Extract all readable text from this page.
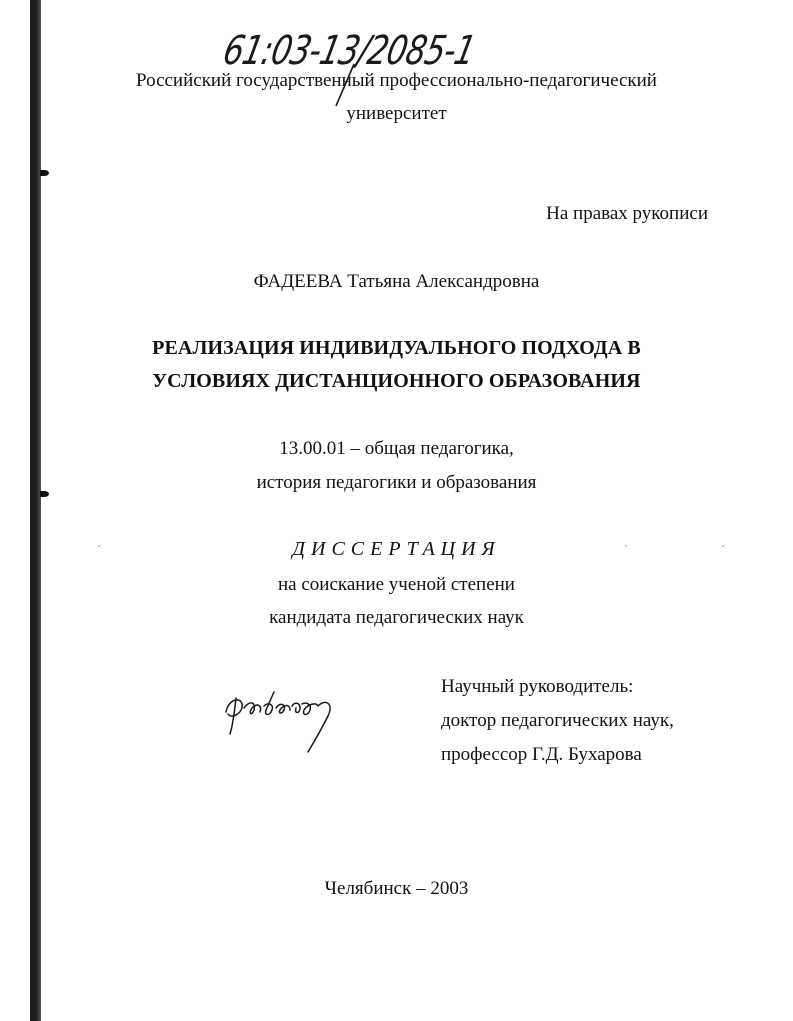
61:03-13/2085-1
Российский государственный профессионально-педагогический
университет
На правах рукописи
ФАДЕЕВА Татьяна Александровна
РЕАЛИЗАЦИЯ ИНДИВИДУАЛЬНОГО ПОДХОДА В
УСЛОВИЯХ ДИСТАНЦИОННОГО ОБРАЗОВАНИЯ
13.00.01 – общая педагогика,
история педагогики и образования
ДИССЕРТАЦИЯ
на соискание ученой степени
кандидата педагогических наук
Фадеева	Научный руководитель:
доктор педагогических наук,
профессор Г.Д. Бухарова
Челябинск – 2003
